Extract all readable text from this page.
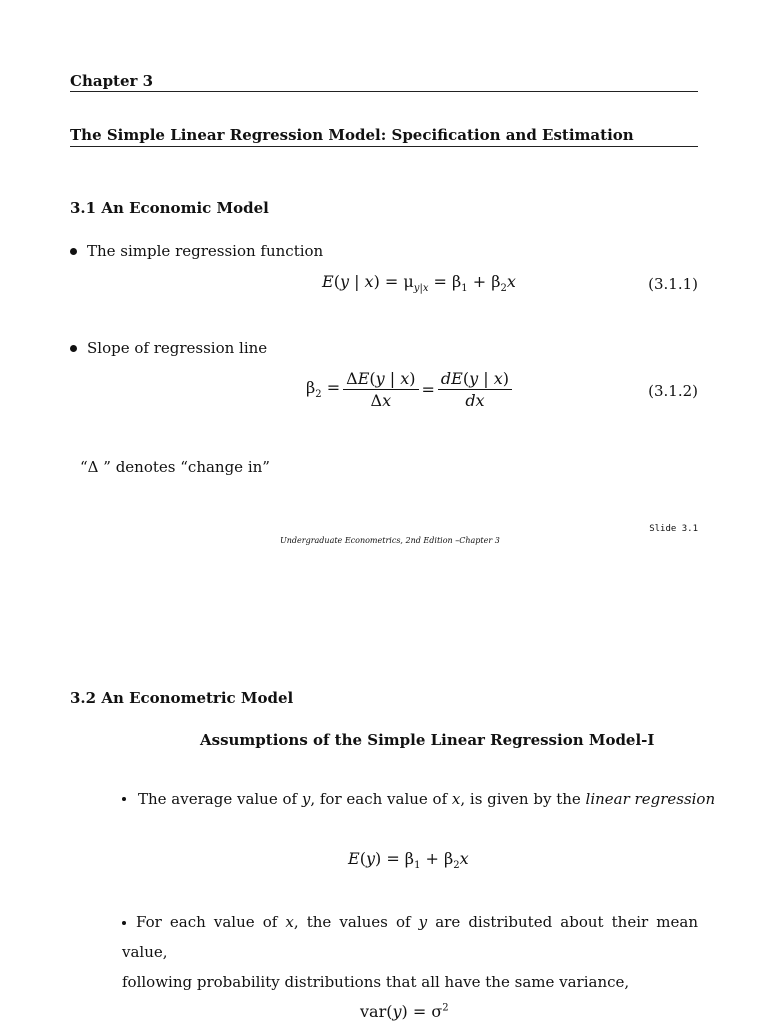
Chapter 3
The Simple Linear Regression Model: Specification and Estimation
3.1 An Economic Model
The simple regression function
E(y | $x) = \mu_{y|x} = \beta_1 + \beta_2x$	(3.1.1)
Slope of regression line
$\beta_2 = \frac{\Delta E(y | x)}{\Delta x} = \frac{dE(y | x)}{dx}$	(3.1.2)
“Δ ” denotes “change in”
Slide 3.1
Undergraduate Econometrics, 2nd Edition –Chapter 3
3.2 An Econometric Model
Assumptions of the Simple Linear Regression Model-I
The average value of y, for each value of x, is given by the linear regression
$E(y) = \beta_1 + \beta_2x$
For each value of x, the values of y are distributed about their mean value,
following probability distributions that all have the same variance,
$var(y) = \sigma^2$
